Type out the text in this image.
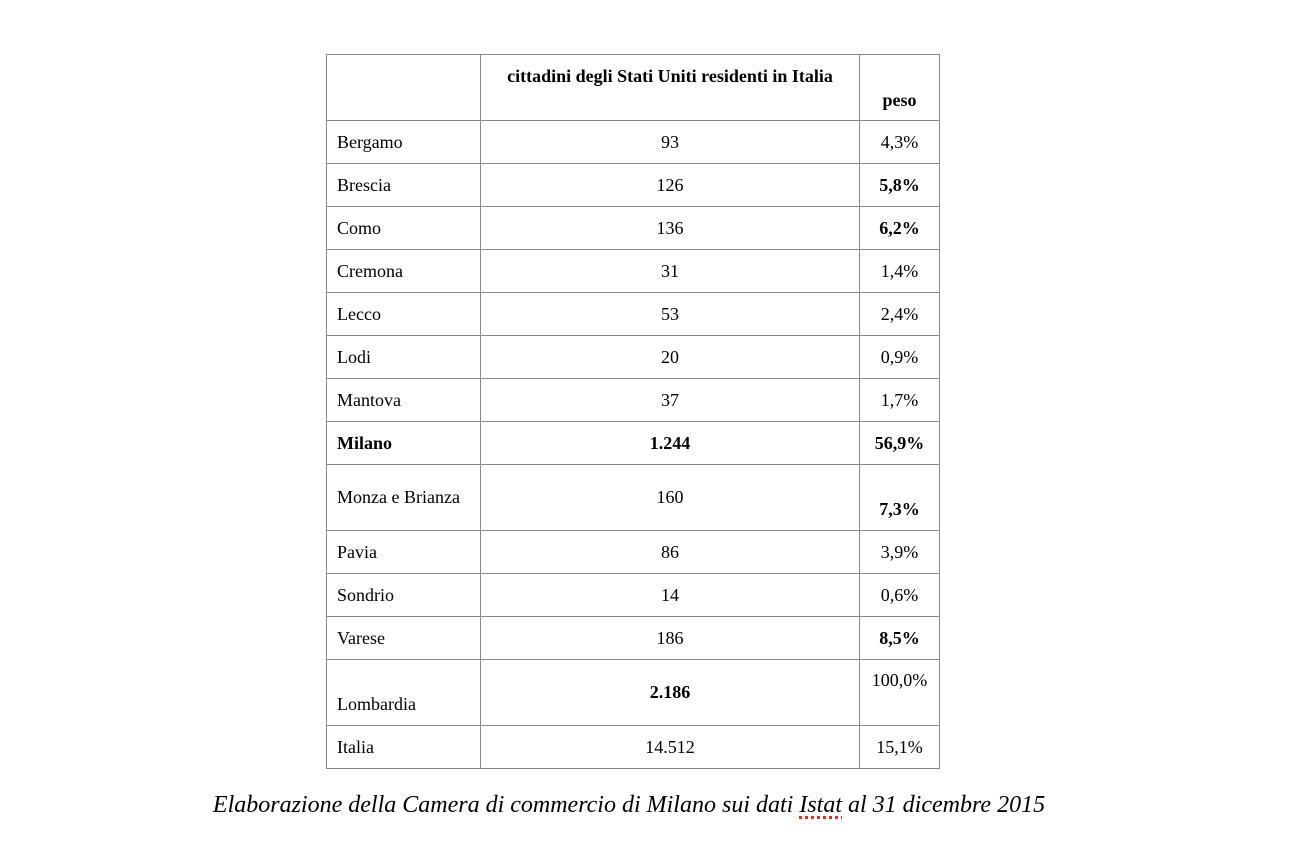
	cittadini degli Stati Uniti residenti in Italia	peso
Bergamo	93	4,3%
Brescia	126	5,8%
Como	136	6,2%
Cremona	31	1,4%
Lecco	53	2,4%
Lodi	20	0,9%
Mantova	37	1,7%
Milano	1.244	56,9%
Monza e Brianza	160	7,3%
Pavia	86	3,9%
Sondrio	14	0,6%
Varese	186	8,5%
Lombardia	2.186	100,0%
Italia	14.512	15,1%
Elaborazione della Camera di commercio di Milano sui dati Istat al 31 dicembre 2015
